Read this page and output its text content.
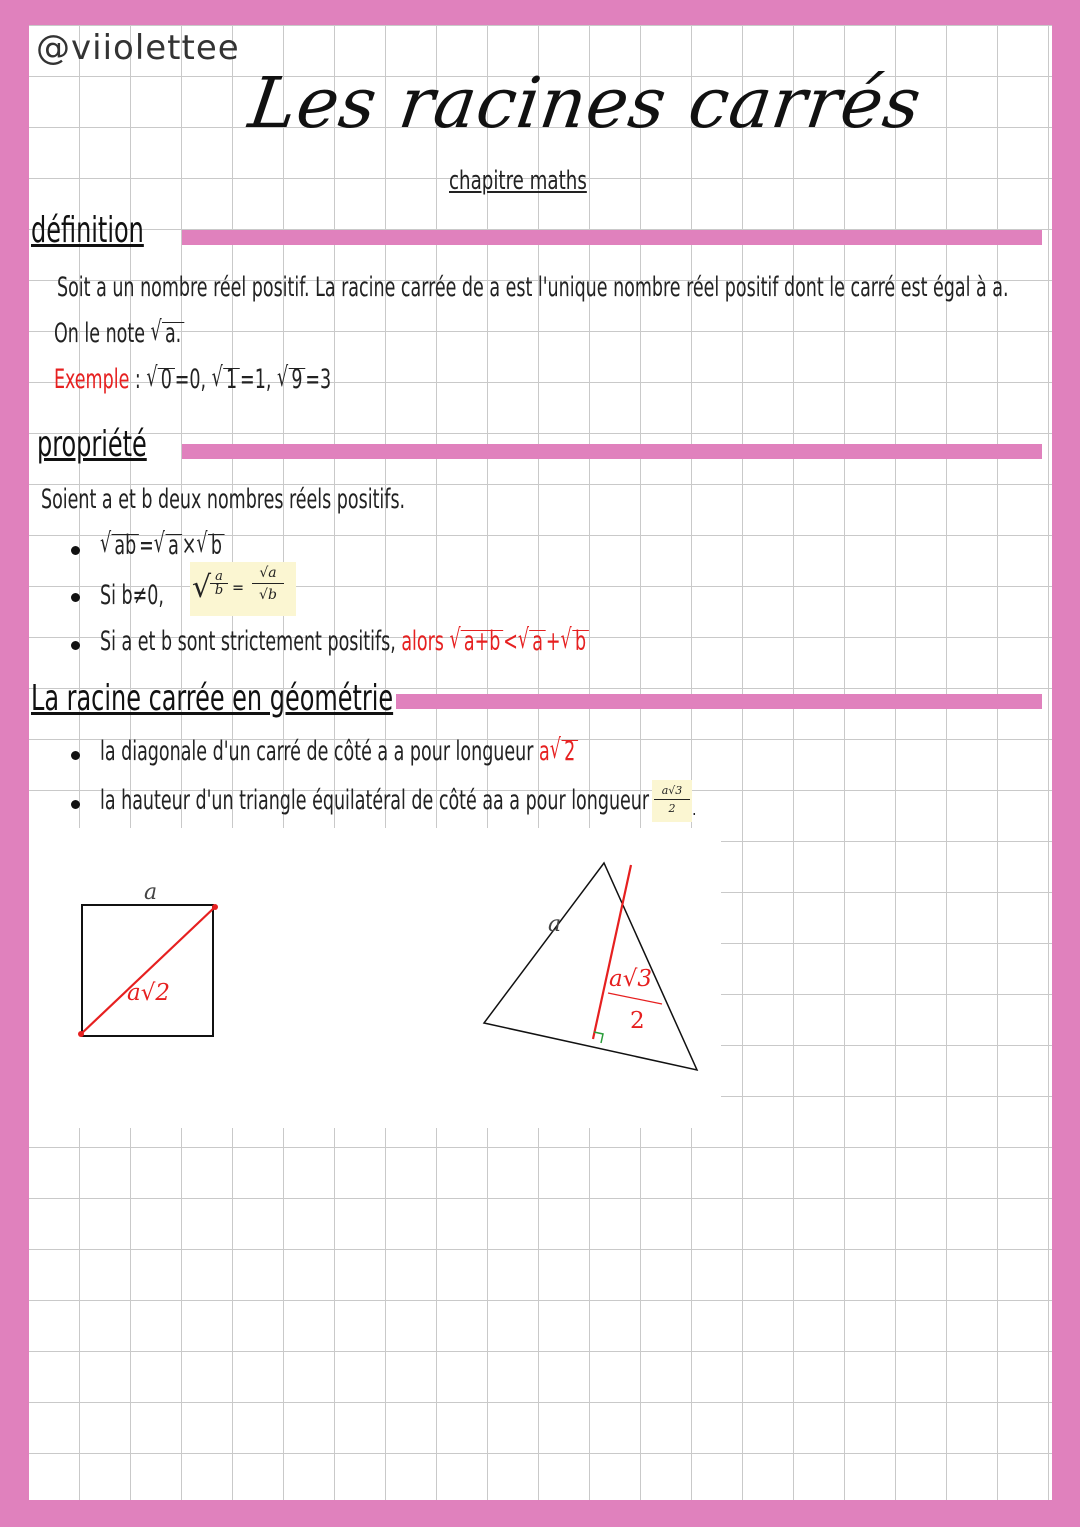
@viiolettee
Les racines carrés
chapitre maths
définition
Soit a un nombre réel positif. La racine carrée de a est l'unique nombre réel positif dont le carré est égal à a.
On le note √ a.
Exemple : √ 0 =0, √ 1 =1, √ 9 =3
propriété
Soient a et b deux nombres réels positifs.
√ ab = √ a × √ b
Si b≠0, √
$\frac{a}{b} = \frac{√a}{√b}$
Si a et b sont strictement positifs, alors √ a+b < √ a + √ b
La racine carrée en géométrie
la diagonale d'un carré de côté a a pour longueur a √ 2
la hauteur d'un triangle équilatéral de côté aa a pour longueur $\frac{a√3}{2}$ .
a
a√2
a
a√3
2
